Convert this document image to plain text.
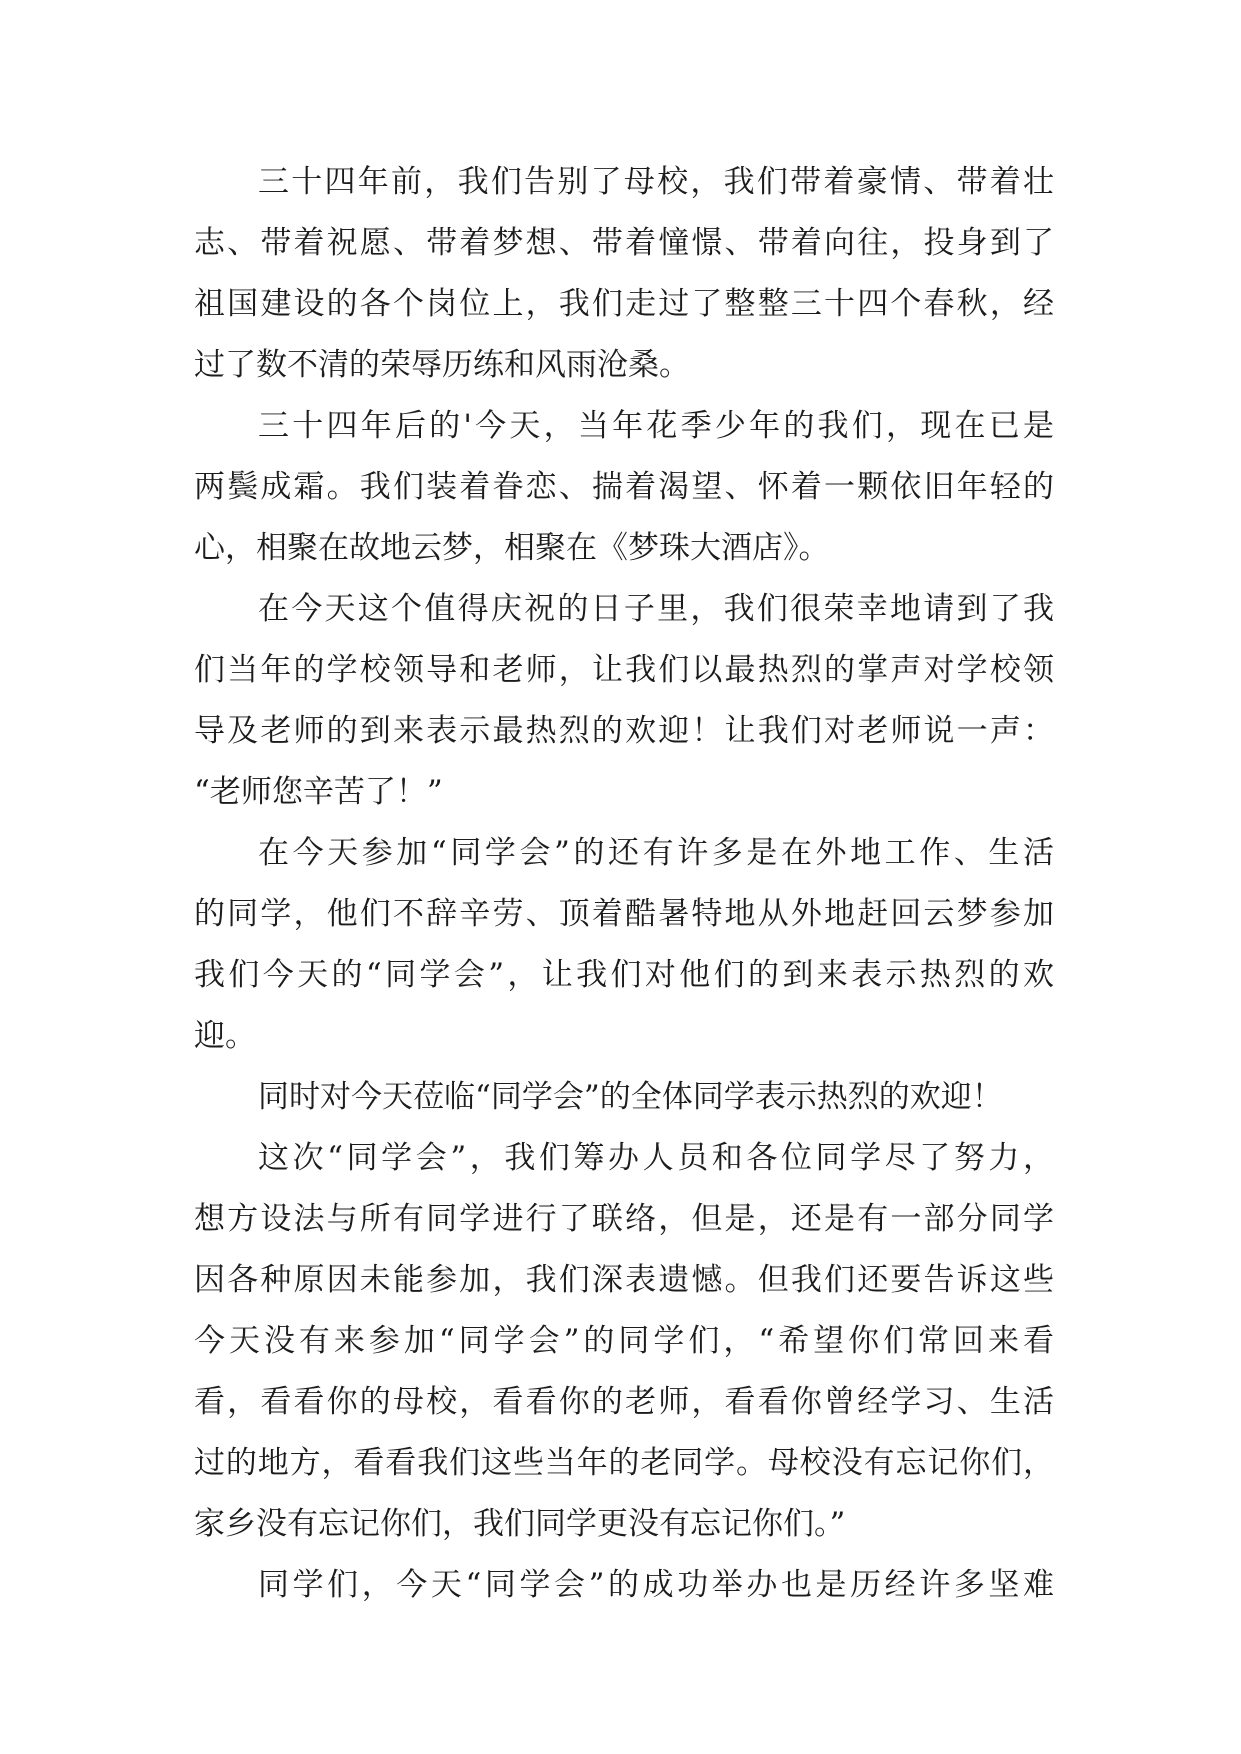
三十四年前，我们告别了母校，我们带着豪情、带着壮
志、带着祝愿、带着梦想、带着憧憬、带着向往，投身到了
祖国建设的各个岗位上，我们走过了整整三十四个春秋，经
过了数不清的荣辱历练和风雨沧桑。
三十四年后的'今天，当年花季少年的我们，现在已是
两鬓成霜。我们装着眷恋、揣着渴望、怀着一颗依旧年轻的
心，相聚在故地云梦，相聚在《梦珠大酒店》。
在今天这个值得庆祝的日子里，我们很荣幸地请到了我
们当年的学校领导和老师，让我们以最热烈的掌声对学校领
导及老师的到来表示最热烈的欢迎！让我们对老师说一声：
“老师您辛苦了！”
在今天参加“同学会”的还有许多是在外地工作、生活
的同学，他们不辞辛劳、顶着酷暑特地从外地赶回云梦参加
我们今天的“同学会”，让我们对他们的到来表示热烈的欢
迎。
同时对今天莅临“同学会”的全体同学表示热烈的欢迎！
这次“同学会”，我们筹办人员和各位同学尽了努力，
想方设法与所有同学进行了联络，但是，还是有一部分同学
因各种原因未能参加，我们深表遗憾。但我们还要告诉这些
今天没有来参加“同学会”的同学们，“希望你们常回来看
看，看看你的母校，看看你的老师，看看你曾经学习、生活
过的地方，看看我们这些当年的老同学。母校没有忘记你们，
家乡没有忘记你们，我们同学更没有忘记你们。”
同学们，今天“同学会”的成功举办也是历经许多坚难
